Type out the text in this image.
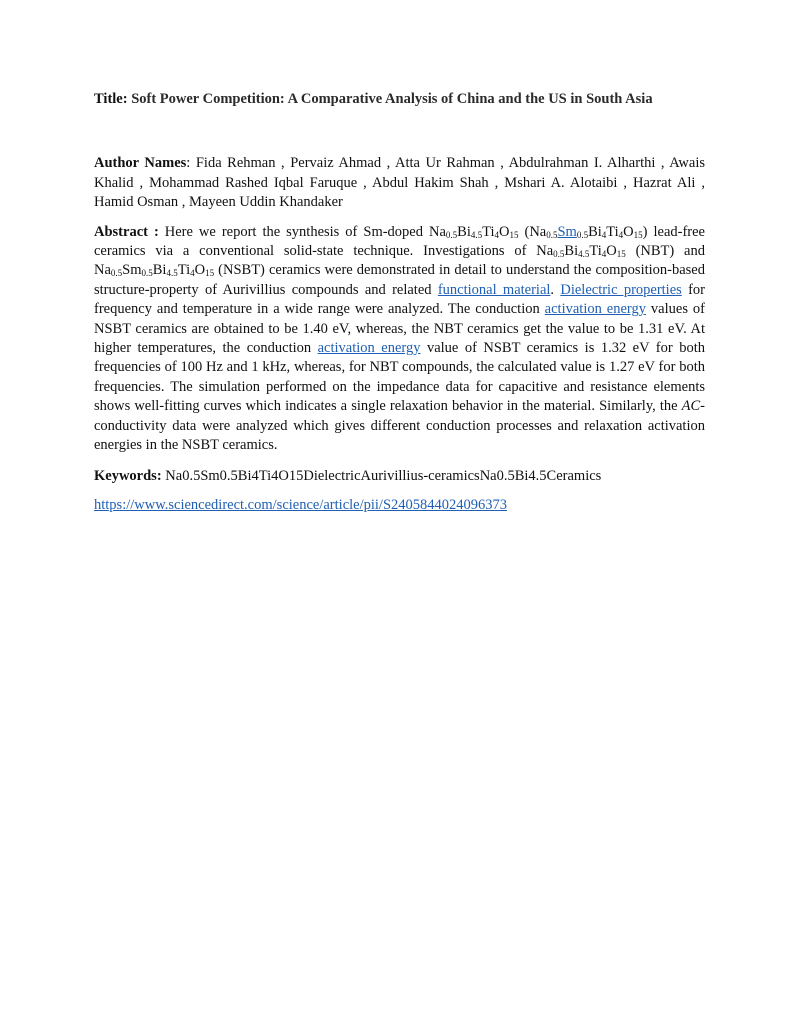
Title: Soft Power Competition: A Comparative Analysis of China and the US in South Asia

Author Names: Fida Rehman , Pervaiz Ahmad , Atta Ur Rahman , Abdulrahman I. Alharthi , Awais Khalid , Mohammad Rashed Iqbal Faruque , Abdul Hakim Shah , Mshari A. Alotaibi , Hazrat Ali , Hamid Osman , Mayeen Uddin Khandaker

Abstract : Here we report the synthesis of Sm-doped $Na_{0.5}Bi_{4.5}Ti_4O_{15}$ $(Na_{0.5}Sm_{0.5}Bi_4Ti_4O_{15})$ lead-free ceramics via a conventional solid-state technique. Investigations of $Na_{0.5}Bi_{4.5}Ti_4O_{15}$ (NBT) and $Na_{0.5}Sm_{0.5}Bi_{4.5}Ti_4O_{15}$ (NSBT) ceramics were demonstrated in detail to understand the composition-based structure-property of Aurivillius compounds and related functional material. Dielectric properties for frequency and temperature in a wide range were analyzed. The conduction activation energy values of NSBT ceramics are obtained to be 1.40 eV, whereas, the NBT ceramics get the value to be 1.31 eV. At higher temperatures, the conduction activation energy value of NSBT ceramics is 1.32 eV for both frequencies of 100 Hz and 1 kHz, whereas, for NBT compounds, the calculated value is 1.27 eV for both frequencies. The simulation performed on the impedance data for capacitive and resistance elements shows well-fitting curves which indicates a single relaxation behavior in the material. Similarly, the AC-conductivity data were analyzed which gives different conduction processes and relaxation activation energies in the NSBT ceramics.

Keywords: Na0.5Sm0.5Bi4Ti4O15DielectricAurivillius-ceramicsNa0.5Bi4.5Ceramics

https://www.sciencedirect.com/science/article/pii/S2405844024096373
